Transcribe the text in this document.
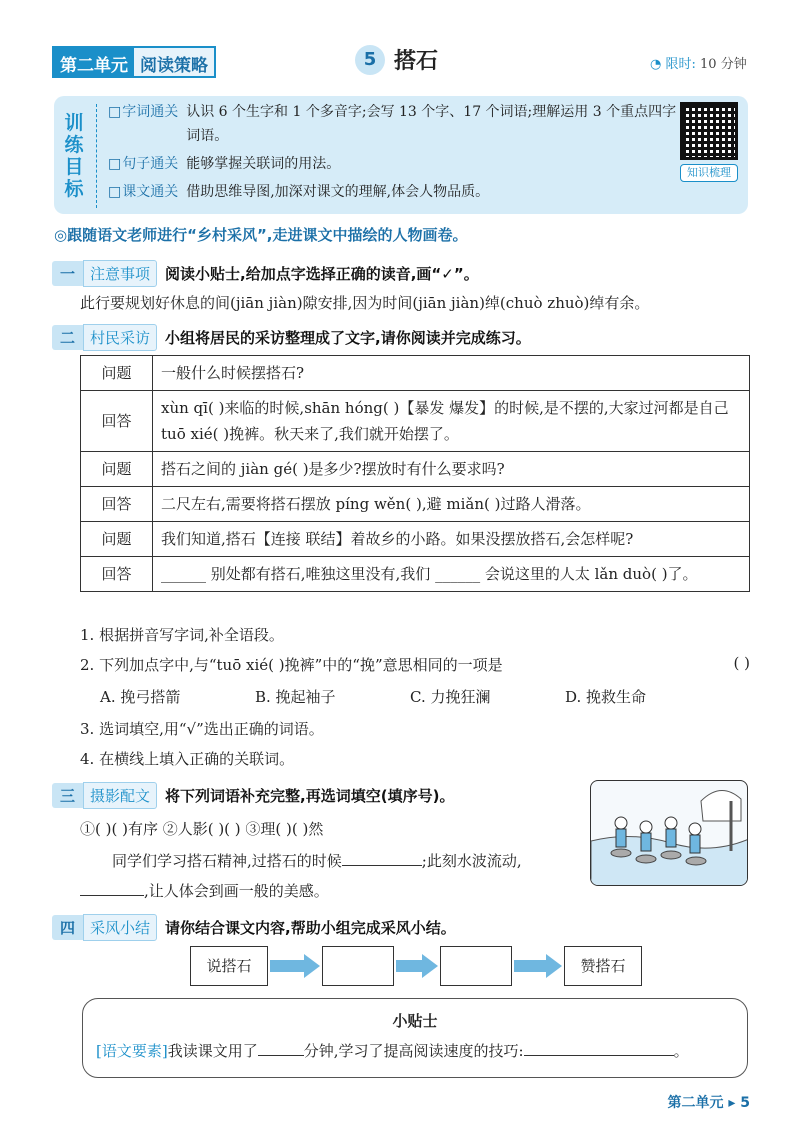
第二单元 阅读策略	5 搭石	◔ 限时: 10 分钟
训练目标
□ 字词通关 认识 6 个生字和 1 个多音字;会写 13 个字、17 个词语;理解运用 3 个重点四字词语。
□ 句子通关 能够掌握关联词的用法。
□ 课文通关 借助思维导图,加深对课文的理解,体会人物品质。
知识梳理
◎跟随语文老师进行“乡村采风”,走进课文中描绘的人物画卷。
一	注意事项	阅读小贴士,给加点字选择正确的读音,画“✓”。
此行要规划好休息的间(jiān jiàn)隙安排,因为时间(jiān jiàn)绰(chuò zhuò)绰有余。
二	村民采访	小组将居民的采访整理成了文字,请你阅读并完成练习。
问题	一般什么时候摆搭石?
回答	xùn qī( )来临的时候,shān hóng( )【暴发 爆发】的时候,是不摆的,大家过河都是自己 tuō xié( )挽裤。秋天来了,我们就开始摆了。
问题	搭石之间的 jiàn gé( )是多少?摆放时有什么要求吗?
回答	二尺左右,需要将搭石摆放 píng wěn( ),避 miǎn( )过路人滑落。
问题	我们知道,搭石【连接 联结】着故乡的小路。如果没摆放搭石,会怎样呢?
回答	______ 别处都有搭石,唯独这里没有,我们 ______ 会说这里的人太 lǎn duò( )了。
1. 根据拼音写字词,补全语段。
2. 下列加点字中,与“tuō xié( )挽裤”中的“挽”意思相同的一项是	( )
A. 挽弓搭箭	B. 挽起袖子	C. 力挽狂澜	D. 挽救生命
3. 选词填空,用“√”选出正确的词语。
4. 在横线上填入正确的关联词。
三	摄影配文	将下列词语补充完整,再选词填空(填序号)。
①( )( )有序 ②人影( )( ) ③理( )( )然
同学们学习搭石精神,过搭石的时候	;此刻水波流动,
,让人体会到画一般的美感。
四	采风小结	请你结合课文内容,帮助小组完成采风小结。
说搭石	赞搭石
小贴士
[语文要素]我读课文用了	分钟,学习了提高阅读速度的技巧:	。
第二单元 ▸ 5
